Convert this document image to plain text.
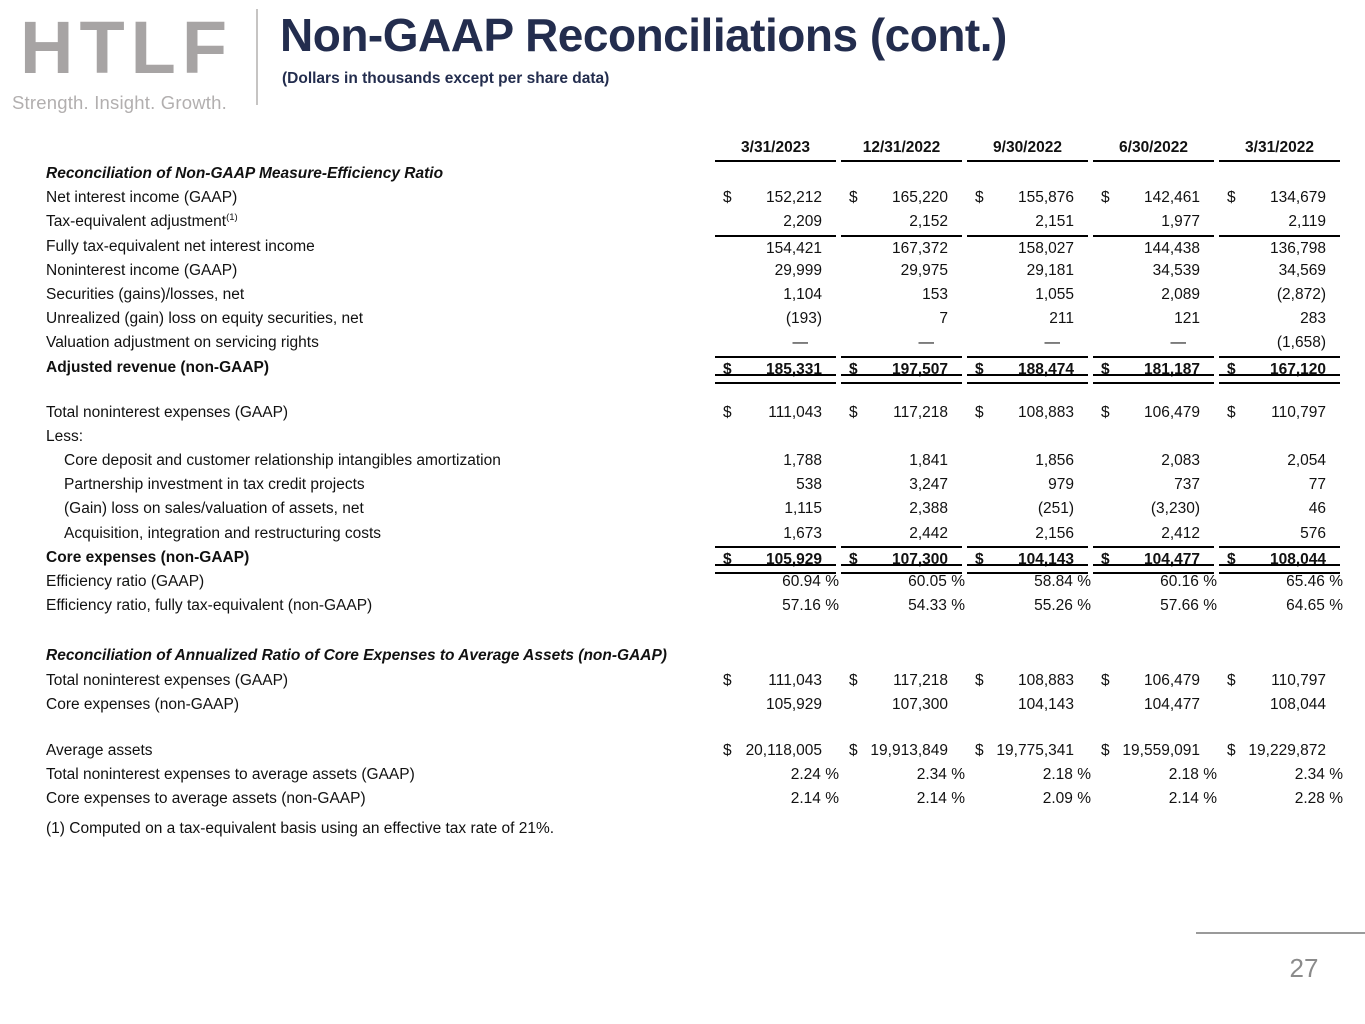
HTLF
Strength. Insight. Growth.
Non-GAAP Reconciliations (cont.)
(Dollars in thousands except per share data)
3/31/2023	12/31/2022	9/30/2022	6/30/2022	3/31/2022
Reconciliation of Non-GAAP Measure-Efficiency Ratio
Net interest income (GAAP)	$	152,212	$	165,220	$	155,876	$	142,461	$	134,679
Tax-equivalent adjustment$^{(1)}$	2,209	2,152	2,151	1,977	2,119
Fully tax-equivalent net interest income	154,421	167,372	158,027	144,438	136,798
Noninterest income (GAAP)	29,999	29,975	29,181	34,539	34,569
Securities (gains)/losses, net	1,104	153	1,055	2,089	(2,872)
Unrealized (gain) loss on equity securities, net	(193)	7	211	121	283
Valuation adjustment on servicing rights	—	—	—	—	(1,658)
Adjusted revenue (non-GAAP)	$	185,331	$	197,507	$	188,474	$	181,187	$	167,120
Total noninterest expenses (GAAP)	$	111,043	$	117,218	$	108,883	$	106,479	$	110,797
Less:
Core deposit and customer relationship intangibles amortization	1,788	1,841	1,856	2,083	2,054
Partnership investment in tax credit projects	538	3,247	979	737	77
(Gain) loss on sales/valuation of assets, net	1,115	2,388	(251)	(3,230)	46
Acquisition, integration and restructuring costs	1,673	2,442	2,156	2,412	576
Core expenses (non-GAAP)	$	105,929	$	107,300	$	104,143	$	104,477	$	108,044
Efficiency ratio (GAAP)	60.94 %	60.05 %	58.84 %	60.16 %	65.46 %
Efficiency ratio, fully tax-equivalent (non-GAAP)	57.16 %	54.33 %	55.26 %	57.66 %	64.65 %
Reconciliation of Annualized Ratio of Core Expenses to Average Assets (non-GAAP)
Total noninterest expenses (GAAP)	$	111,043	$	117,218	$	108,883	$	106,479	$	110,797
Core expenses (non-GAAP)	105,929	107,300	104,143	104,477	108,044
Average assets	$ 20,118,005	$ 19,913,849	$ 19,775,341	$ 19,559,091	$ 19,229,872
Total noninterest expenses to average assets (GAAP)	2.24 %	2.34 %	2.18 %	2.18 %	2.34 %
Core expenses to average assets (non-GAAP)	2.14 %	2.14 %	2.09 %	2.14 %	2.28 %
(1) Computed on a tax-equivalent basis using an effective tax rate of 21%.
27
